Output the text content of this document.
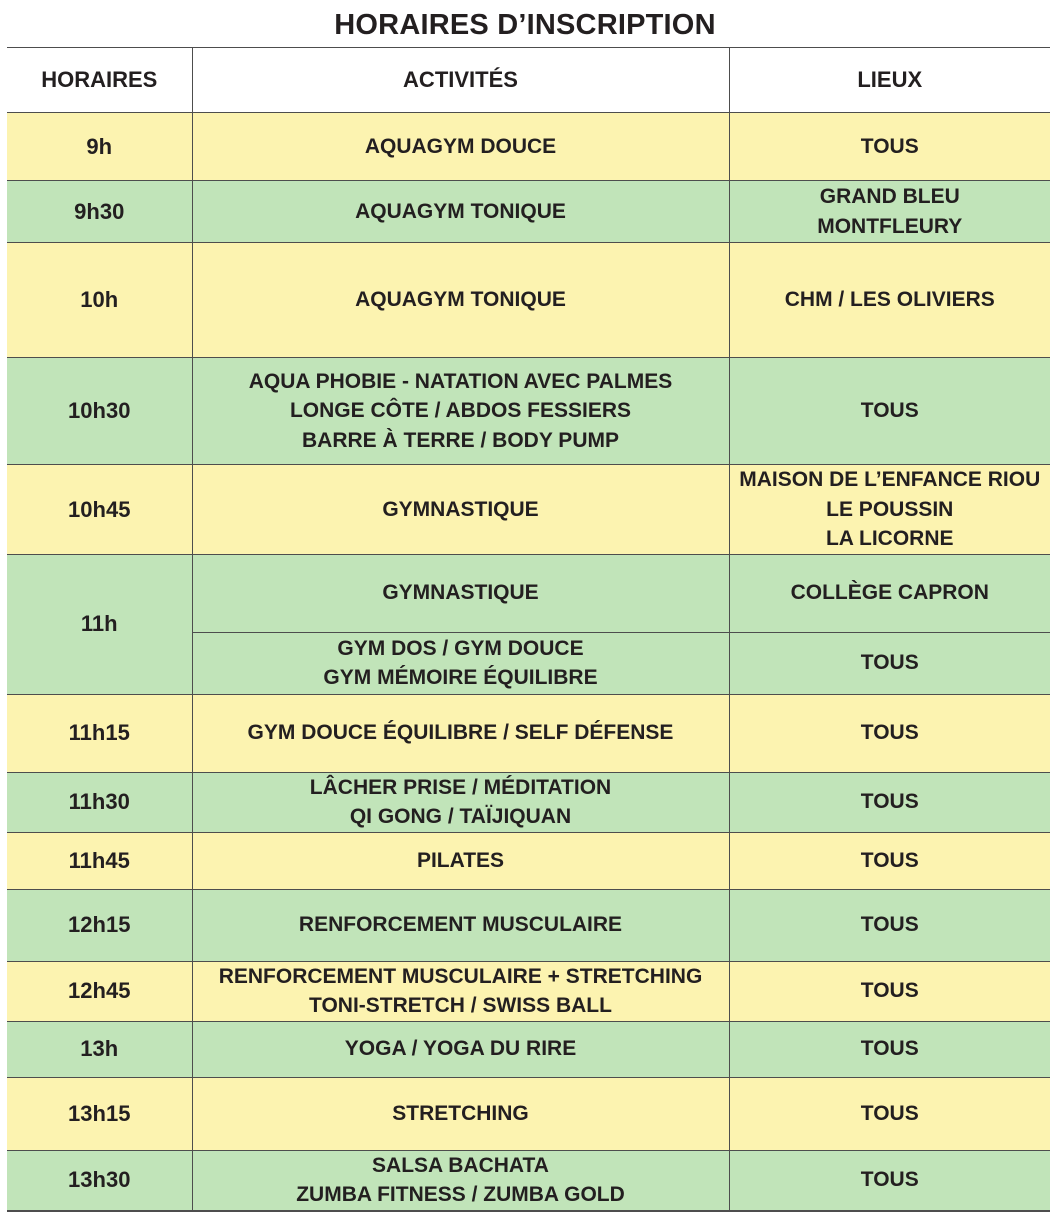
HORAIRES D’INSCRIPTION
HORAIRES	ACTIVITÉS	LIEUX
9h	AQUAGYM DOUCE	TOUS

9h30	AQUAGYM TONIQUE	GRAND BLEU
MONTFLEURY

10h	AQUAGYM TONIQUE	CHM / LES OLIVIERS

10h30	AQUA PHOBIE - NATATION AVEC PALMES
LONGE CÔTE / ABDOS FESSIERS
BARRE À TERRE / BODY PUMP	TOUS

10h45	GYMNASTIQUE	MAISON DE L’ENFANCE RIOU
LE POUSSIN
LA LICORNE

11h	GYMNASTIQUE	COLLÈGE CAPRON

	GYM DOS / GYM DOUCE
GYM MÉMOIRE ÉQUILIBRE	TOUS

11h15	GYM DOUCE ÉQUILIBRE / SELF DÉFENSE	TOUS

11h30	LÂCHER PRISE / MÉDITATION
QI GONG / TAÏJIQUAN	TOUS

11h45	PILATES	TOUS

12h15	RENFORCEMENT MUSCULAIRE	TOUS

12h45	RENFORCEMENT MUSCULAIRE + STRETCHING
TONI-STRETCH / SWISS BALL	TOUS

13h	YOGA / YOGA DU RIRE	TOUS

13h15	STRETCHING	TOUS

13h30	SALSA BACHATA
ZUMBA FITNESS / ZUMBA GOLD	TOUS
